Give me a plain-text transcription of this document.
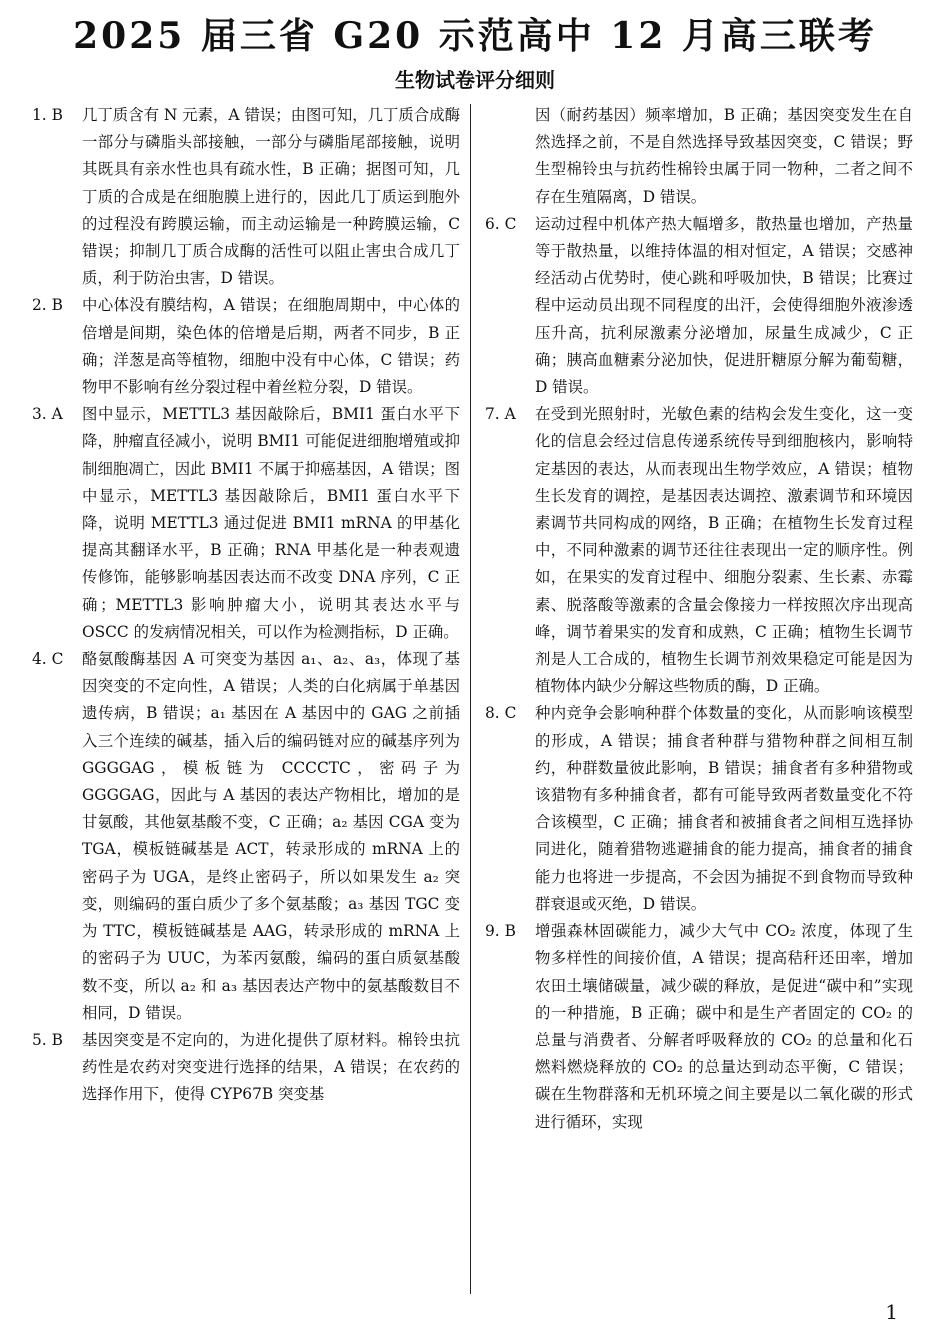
2025 届三省 G20 示范高中 12 月高三联考
生物试卷评分细则
1. B	几丁质含有 N 元素，A 错误；由图可知，几丁质合成酶一部分与磷脂头部接触，一部分与磷脂尾部接触，说明其既具有亲水性也具有疏水性，B 正确；据图可知，几丁质的合成是在细胞膜上进行的，因此几丁质运到胞外的过程没有跨膜运输，而主动运输是一种跨膜运输，C 错误；抑制几丁质合成酶的活性可以阻止害虫合成几丁质，利于防治虫害，D 错误。
2. B	中心体没有膜结构，A 错误；在细胞周期中，中心体的倍增是间期，染色体的倍增是后期，两者不同步，B 正确；洋葱是高等植物，细胞中没有中心体，C 错误；药物甲不影响有丝分裂过程中着丝粒分裂，D 错误。
3. A	图中显示，METTL3 基因敲除后，BMI1 蛋白水平下降，肿瘤直径减小，说明 BMI1 可能促进细胞增殖或抑制细胞凋亡，因此 BMI1 不属于抑癌基因，A 错误；图中显示，METTL3 基因敲除后，BMI1 蛋白水平下降，说明 METTL3 通过促进 BMI1 mRNA 的甲基化提高其翻译水平，B 正确；RNA 甲基化是一种表观遗传修饰，能够影响基因表达而不改变 DNA 序列，C 正确；METTL3 影响肿瘤大小，说明其表达水平与 OSCC 的发病情况相关，可以作为检测指标，D 正确。
4. C	酪氨酸酶基因 A 可突变为基因 a₁、a₂、a₃，体现了基因突变的不定向性，A 错误；人类的白化病属于单基因遗传病，B 错误；a₁ 基因在 A 基因中的 GAG 之前插入三个连续的碱基，插入后的编码链对应的碱基序列为 GGGGAG，模板链为 CCCCTC，密码子为 GGGGAG，因此与 A 基因的表达产物相比，增加的是甘氨酸，其他氨基酸不变，C 正确；a₂ 基因 CGA 变为 TGA，模板链碱基是 ACT，转录形成的 mRNA 上的密码子为 UGA，是终止密码子，所以如果发生 a₂ 突变，则编码的蛋白质少了多个氨基酸；a₃ 基因 TGC 变为 TTC，模板链碱基是 AAG，转录形成的 mRNA 上的密码子为 UUC，为苯丙氨酸，编码的蛋白质氨基酸数不变，所以 a₂ 和 a₃ 基因表达产物中的氨基酸数目不相同，D 错误。
5. B	基因突变是不定向的，为进化提供了原材料。棉铃虫抗药性是农药对突变进行选择的结果，A 错误；在农药的选择作用下，使得 CYP67B 突变基
因（耐药基因）频率增加，B 正确；基因突变发生在自然选择之前，不是自然选择导致基因突变，C 错误；野生型棉铃虫与抗药性棉铃虫属于同一物种，二者之间不存在生殖隔离，D 错误。
6. C	运动过程中机体产热大幅增多，散热量也增加，产热量等于散热量，以维持体温的相对恒定，A 错误；交感神经活动占优势时，使心跳和呼吸加快，B 错误；比赛过程中运动员出现不同程度的出汗，会使得细胞外液渗透压升高，抗利尿激素分泌增加，尿量生成减少，C 正确；胰高血糖素分泌加快，促进肝糖原分解为葡萄糖，D 错误。
7. A	在受到光照射时，光敏色素的结构会发生变化，这一变化的信息会经过信息传递系统传导到细胞核内，影响特定基因的表达，从而表现出生物学效应，A 错误；植物生长发育的调控，是基因表达调控、激素调节和环境因素调节共同构成的网络，B 正确；在植物生长发育过程中，不同种激素的调节还往往表现出一定的顺序性。例如，在果实的发育过程中、细胞分裂素、生长素、赤霉素、脱落酸等激素的含量会像接力一样按照次序出现高峰，调节着果实的发育和成熟，C 正确；植物生长调节剂是人工合成的，植物生长调节剂效果稳定可能是因为植物体内缺少分解这些物质的酶，D 正确。
8. C	种内竞争会影响种群个体数量的变化，从而影响该模型的形成，A 错误；捕食者种群与猎物种群之间相互制约，种群数量彼此影响，B 错误；捕食者有多种猎物或该猎物有多种捕食者，都有可能导致两者数量变化不符合该模型，C 正确；捕食者和被捕食者之间相互选择协同进化，随着猎物逃避捕食的能力提高，捕食者的捕食能力也将进一步提高，不会因为捕捉不到食物而导致种群衰退或灭绝，D 错误。
9. B	增强森林固碳能力，减少大气中 CO₂ 浓度，体现了生物多样性的间接价值，A 错误；提高秸秆还田率，增加农田土壤储碳量，减少碳的释放，是促进“碳中和”实现的一种措施，B 正确；碳中和是生产者固定的 CO₂ 的总量与消费者、分解者呼吸释放的 CO₂ 的总量和化石燃料燃烧释放的 CO₂ 的总量达到动态平衡，C 错误；碳在生物群落和无机环境之间主要是以二氧化碳的形式进行循环，实现
1
